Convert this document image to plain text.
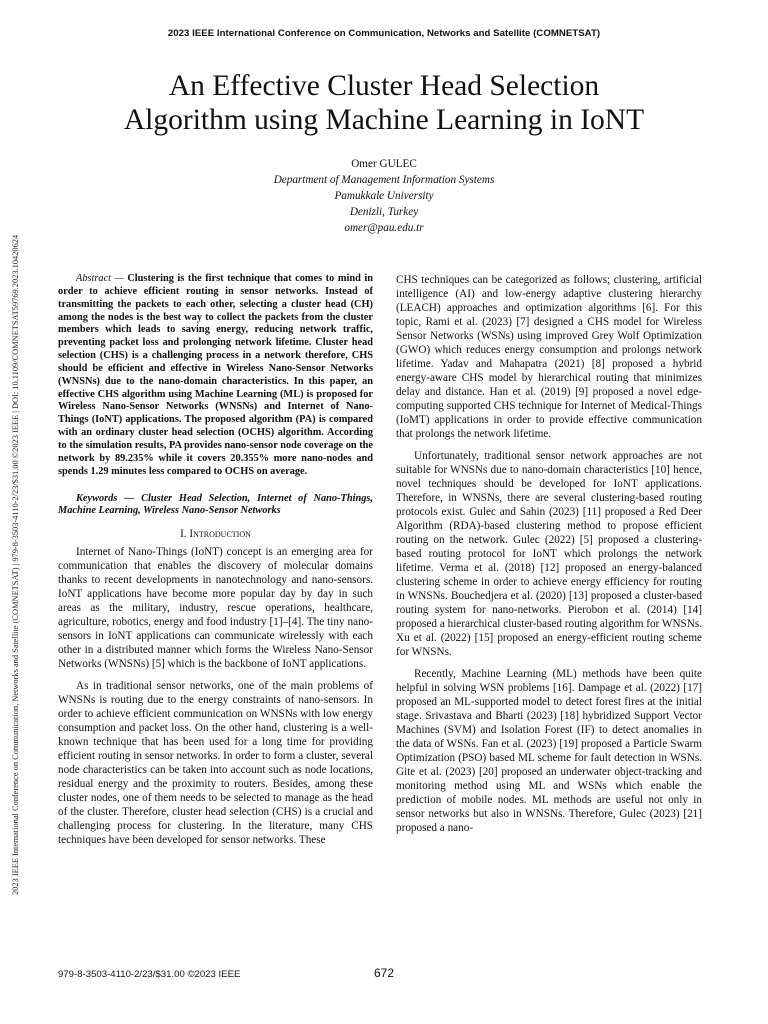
2023 IEEE International Conference on Communication, Networks and Satellite (COMNETSAT)
2023 IEEE International Conference on Communication, Networks and Satellite (COMNETSAT) | 979-8-3503-4110-2/23/$31.00 ©2023 IEEE | DOI: 10.1109/COMNETSAT59769.2023.10420624
An Effective Cluster Head Selection
Algorithm using Machine Learning in IoNT
Omer GULEC
Department of Management Information Systems
Pamukkale University
Denizli, Turkey
omer@pau.edu.tr

Abstract — Clustering is the first technique that comes to mind in order to achieve efficient routing in sensor networks. Instead of transmitting the packets to each other, selecting a cluster head (CH) among the nodes is the best way to collect the packets from the cluster members which leads to saving energy, reducing network traffic, preventing packet loss and prolonging network lifetime. Cluster head selection (CHS) is a challenging process in a network therefore, CHS should be efficient and effective in Wireless Nano-Sensor Networks (WNSNs) due to the nano-domain characteristics. In this paper, an effective CHS algorithm using Machine Learning (ML) is proposed for Wireless Nano-Sensor Networks (WNSNs) and Internet of Nano-Things (IoNT) applications. The proposed algorithm (PA) is compared with an ordinary cluster head selection (OCHS) algorithm. According to the simulation results, PA provides nano-sensor node coverage on the network by 89.235% while it covers 20.355% more nano-nodes and spends 1.29 minutes less compared to OCHS on average.

Keywords — Cluster Head Selection, Internet of Nano-Things, Machine Learning, Wireless Nano-Sensor Networks

I. Introduction

Internet of Nano-Things (IoNT) concept is an emerging area for communication that enables the discovery of molecular domains thanks to recent developments in nanotechnology and nano-sensors. IoNT applications have become more popular day by day in such areas as the military, industry, rescue operations, healthcare, agriculture, robotics, energy and food industry [1]–[4]. The tiny nano-sensors in IoNT applications can communicate wirelessly with each other in a distributed manner which forms the Wireless Nano-Sensor Networks (WNSNs) [5] which is the backbone of IoNT applications.

As in traditional sensor networks, one of the main problems of WNSNs is routing due to the energy constraints of nano-sensors. In order to achieve efficient communication on WNSNs with low energy consumption and packet loss. On the other hand, clustering is a well-known technique that has been used for a long time for providing efficient routing in sensor networks. In order to form a cluster, several node characteristics can be taken into account such as node locations, residual energy and the proximity to routers. Besides, among these cluster nodes, one of them needs to be selected to manage as the head of the cluster. Therefore, cluster head selection (CHS) is a crucial and challenging process for clustering. In the literature, many CHS techniques have been developed for sensor networks. These

CHS techniques can be categorized as follows; clustering, artificial intelligence (AI) and low-energy adaptive clustering hierarchy (LEACH) approaches and optimization algorithms [6]. For this topic, Rami et al. (2023) [7] designed a CHS model for Wireless Sensor Networks (WSNs) using improved Grey Wolf Optimization (GWO) which reduces energy consumption and prolongs network lifetime. Yadav and Mahapatra (2021) [8] proposed a hybrid energy-aware CHS model by hierarchical routing that minimizes delay and distance. Han et al. (2019) [9] proposed a novel edge-computing supported CHS technique for Internet of Medical-Things (IoMT) applications in order to provide effective communication that prolongs the network lifetime.

Unfortunately, traditional sensor network approaches are not suitable for WNSNs due to nano-domain characteristics [10] hence, novel techniques should be developed for IoNT applications. Therefore, in WNSNs, there are several clustering-based routing protocols exist. Gulec and Sahin (2023) [11] proposed a Red Deer Algorithm (RDA)-based clustering method to propose efficient routing on the network. Gulec (2022) [5] proposed a clustering-based routing protocol for IoNT which prolongs the network lifetime. Verma et al. (2018) [12] proposed an energy-balanced clustering scheme in order to achieve energy efficiency for routing in WNSNs. Bouchedjera et al. (2020) [13] proposed a cluster-based routing system for nano-networks. Pierobon et al. (2014) [14] proposed a hierarchical cluster-based routing algorithm for WNSNs. Xu et al. (2022) [15] proposed an energy-efficient routing scheme for WNSNs.

Recently, Machine Learning (ML) methods have been quite helpful in solving WSN problems [16]. Dampage et al. (2022) [17] proposed an ML-supported model to detect forest fires at the initial stage. Srivastava and Bharti (2023) [18] hybridized Support Vector Machines (SVM) and Isolation Forest (IF) to detect anomalies in the data of WSNs. Fan et al. (2023) [19] proposed a Particle Swarm Optimization (PSO) based ML scheme for fault detection in WSNs. Gite et al. (2023) [20] proposed an underwater object-tracking and monitoring method using ML and WSNs which enable the prediction of mobile nodes. ML methods are useful not only in sensor networks but also in WNSNs. Therefore, Gulec (2023) [21] proposed a nano-

979-8-3503-4110-2/23/$31.00 ©2023 IEEE	672
